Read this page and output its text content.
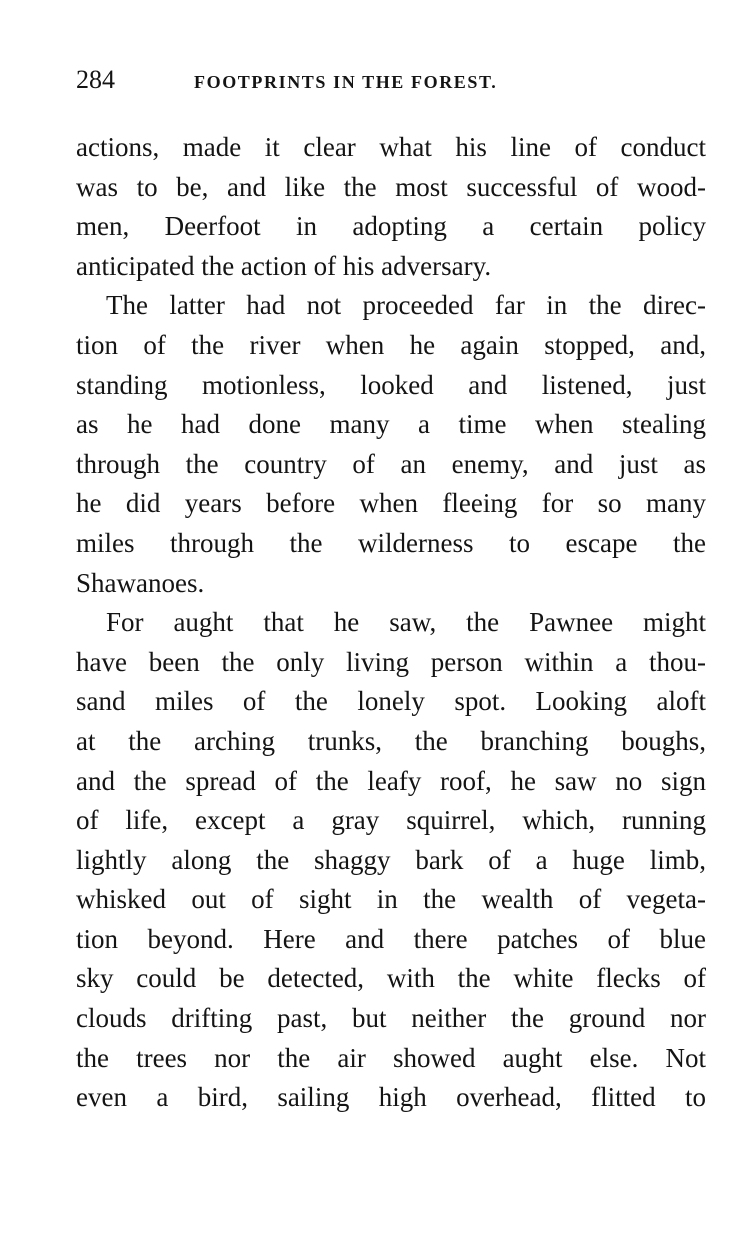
284	FOOTPRINTS IN THE FOREST.
actions, made it clear what his line of conduct
was to be, and like the most successful of wood-
men, Deerfoot in adopting a certain policy
anticipated the action of his adversary.
The latter had not proceeded far in the direc-
tion of the river when he again stopped, and,
standing motionless, looked and listened, just
as he had done many a time when stealing
through the country of an enemy, and just as
he did years before when fleeing for so many
miles through the wilderness to escape the
Shawanoes.
For aught that he saw, the Pawnee might
have been the only living person within a thou-
sand miles of the lonely spot. Looking aloft
at the arching trunks, the branching boughs,
and the spread of the leafy roof, he saw no sign
of life, except a gray squirrel, which, running
lightly along the shaggy bark of a huge limb,
whisked out of sight in the wealth of vegeta-
tion beyond. Here and there patches of blue
sky could be detected, with the white flecks of
clouds drifting past, but neither the ground nor
the trees nor the air showed aught else. Not
even a bird, sailing high overhead, flitted to
